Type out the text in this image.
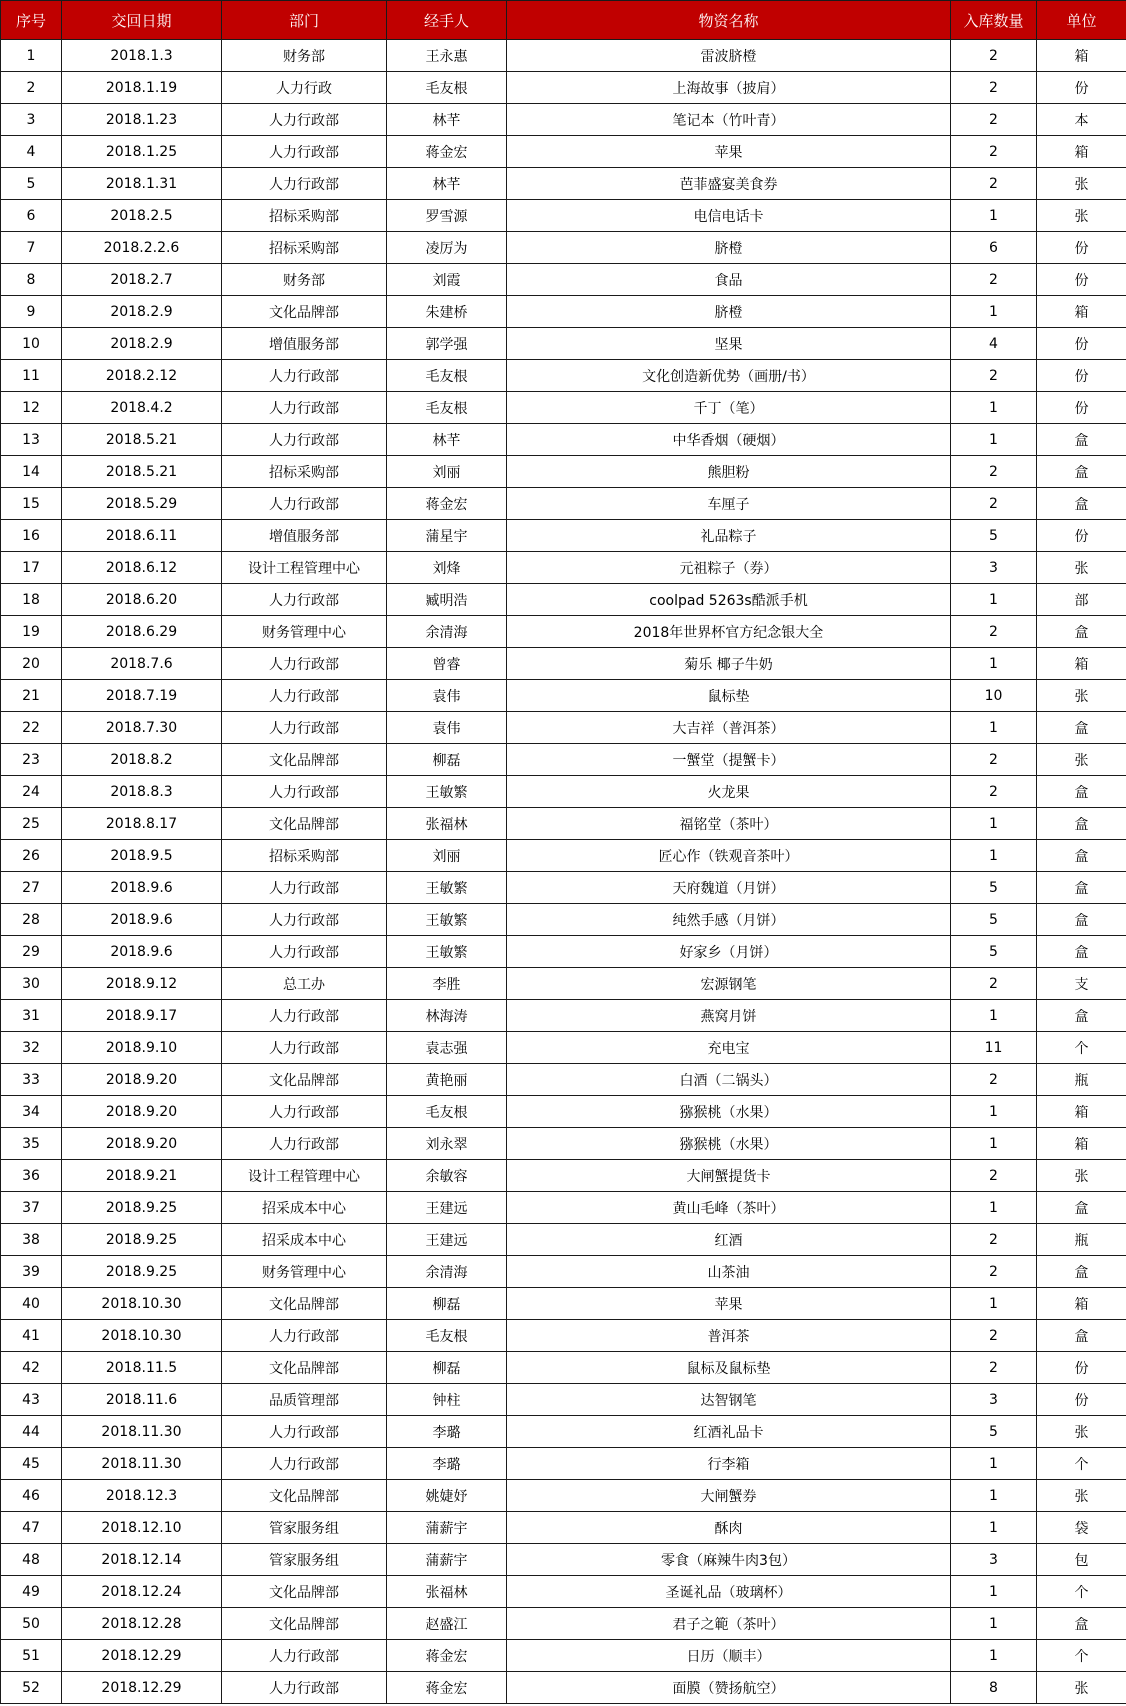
序号	交回日期	部门	经手人	物资名称	入库数量	单位
1	2018.1.3	财务部	王永惠	雷波脐橙	2	箱
2	2018.1.19	人力行政	毛友根	上海故事（披肩）	2	份
3	2018.1.23	人力行政部	林芊	笔记本（竹叶青）	2	本
4	2018.1.25	人力行政部	蒋金宏	苹果	2	箱
5	2018.1.31	人力行政部	林芊	芭菲盛宴美食券	2	张
6	2018.2.5	招标采购部	罗雪源	电信电话卡	1	张
7	2018.2.2.6	招标采购部	凌厉为	脐橙	6	份
8	2018.2.7	财务部	刘霞	食品	2	份
9	2018.2.9	文化品牌部	朱建桥	脐橙	1	箱
10	2018.2.9	增值服务部	郭学强	坚果	4	份
11	2018.2.12	人力行政部	毛友根	文化创造新优势（画册/书）	2	份
12	2018.4.2	人力行政部	毛友根	千丁（笔）	1	份
13	2018.5.21	人力行政部	林芊	中华香烟（硬烟）	1	盒
14	2018.5.21	招标采购部	刘丽	熊胆粉	2	盒
15	2018.5.29	人力行政部	蒋金宏	车厘子	2	盒
16	2018.6.11	增值服务部	蒲星宇	礼品粽子	5	份
17	2018.6.12	设计工程管理中心	刘烽	元祖粽子（券）	3	张
18	2018.6.20	人力行政部	臧明浩	coolpad 5263s酷派手机	1	部
19	2018.6.29	财务管理中心	余清海	2018年世界杯官方纪念银大全	2	盒
20	2018.7.6	人力行政部	曾睿	菊乐 椰子牛奶	1	箱
21	2018.7.19	人力行政部	袁伟	鼠标垫	10	张
22	2018.7.30	人力行政部	袁伟	大吉祥（普洱茶）	1	盒
23	2018.8.2	文化品牌部	柳磊	一蟹堂（提蟹卡）	2	张
24	2018.8.3	人力行政部	王敏繁	火龙果	2	盒
25	2018.8.17	文化品牌部	张福林	福铭堂（茶叶）	1	盒
26	2018.9.5	招标采购部	刘丽	匠心作（铁观音茶叶）	1	盒
27	2018.9.6	人力行政部	王敏繁	天府魏道（月饼）	5	盒
28	2018.9.6	人力行政部	王敏繁	纯然手感（月饼）	5	盒
29	2018.9.6	人力行政部	王敏繁	好家乡（月饼）	5	盒
30	2018.9.12	总工办	李胜	宏源钢笔	2	支
31	2018.9.17	人力行政部	林海涛	燕窝月饼	1	盒
32	2018.9.10	人力行政部	袁志强	充电宝	11	个
33	2018.9.20	文化品牌部	黄艳丽	白酒（二锅头）	2	瓶
34	2018.9.20	人力行政部	毛友根	猕猴桃（水果）	1	箱
35	2018.9.20	人力行政部	刘永翠	猕猴桃（水果）	1	箱
36	2018.9.21	设计工程管理中心	余敏容	大闸蟹提货卡	2	张
37	2018.9.25	招采成本中心	王建远	黄山毛峰（茶叶）	1	盒
38	2018.9.25	招采成本中心	王建远	红酒	2	瓶
39	2018.9.25	财务管理中心	余清海	山茶油	2	盒
40	2018.10.30	文化品牌部	柳磊	苹果	1	箱
41	2018.10.30	人力行政部	毛友根	普洱茶	2	盒
42	2018.11.5	文化品牌部	柳磊	鼠标及鼠标垫	2	份
43	2018.11.6	品质管理部	钟柱	达智钢笔	3	份
44	2018.11.30	人力行政部	李璐	红酒礼品卡	5	张
45	2018.11.30	人力行政部	李璐	行李箱	1	个
46	2018.12.3	文化品牌部	姚婕妤	大闸蟹券	1	张
47	2018.12.10	管家服务组	蒲薪宇	酥肉	1	袋
48	2018.12.14	管家服务组	蒲薪宇	零食（麻辣牛肉3包）	3	包
49	2018.12.24	文化品牌部	张福林	圣诞礼品（玻璃杯）	1	个
50	2018.12.28	文化品牌部	赵盛江	君子之範（茶叶）	1	盒
51	2018.12.29	人力行政部	蒋金宏	日历（顺丰）	1	个
52	2018.12.29	人力行政部	蒋金宏	面膜（赞扬航空）	8	张
